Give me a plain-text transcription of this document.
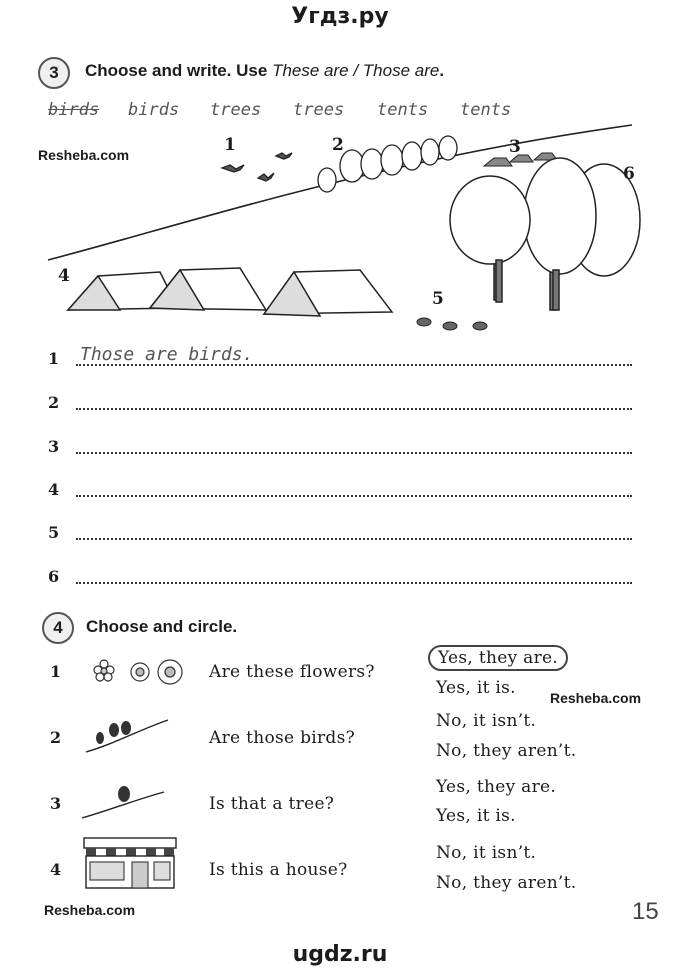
Угдз.ру
3	Choose and write. Use These are / Those are.
birds birds trees trees tents tents
Resheba.com	1	2	3
4
5
6
1 Those are birds.
2
3
4
5
6
4	Choose and circle.
1	Are these flowers?
Yes, they are.
Yes, it is. Resheba.com
2	Are those birds?
No, it isn’t.
No, they aren’t.
3	Is that a tree?
Yes, they are.
Yes, it is.
4	Is this a house?
No, it isn’t.
No, they aren’t.
Resheba.com	15
ugdz.ru
